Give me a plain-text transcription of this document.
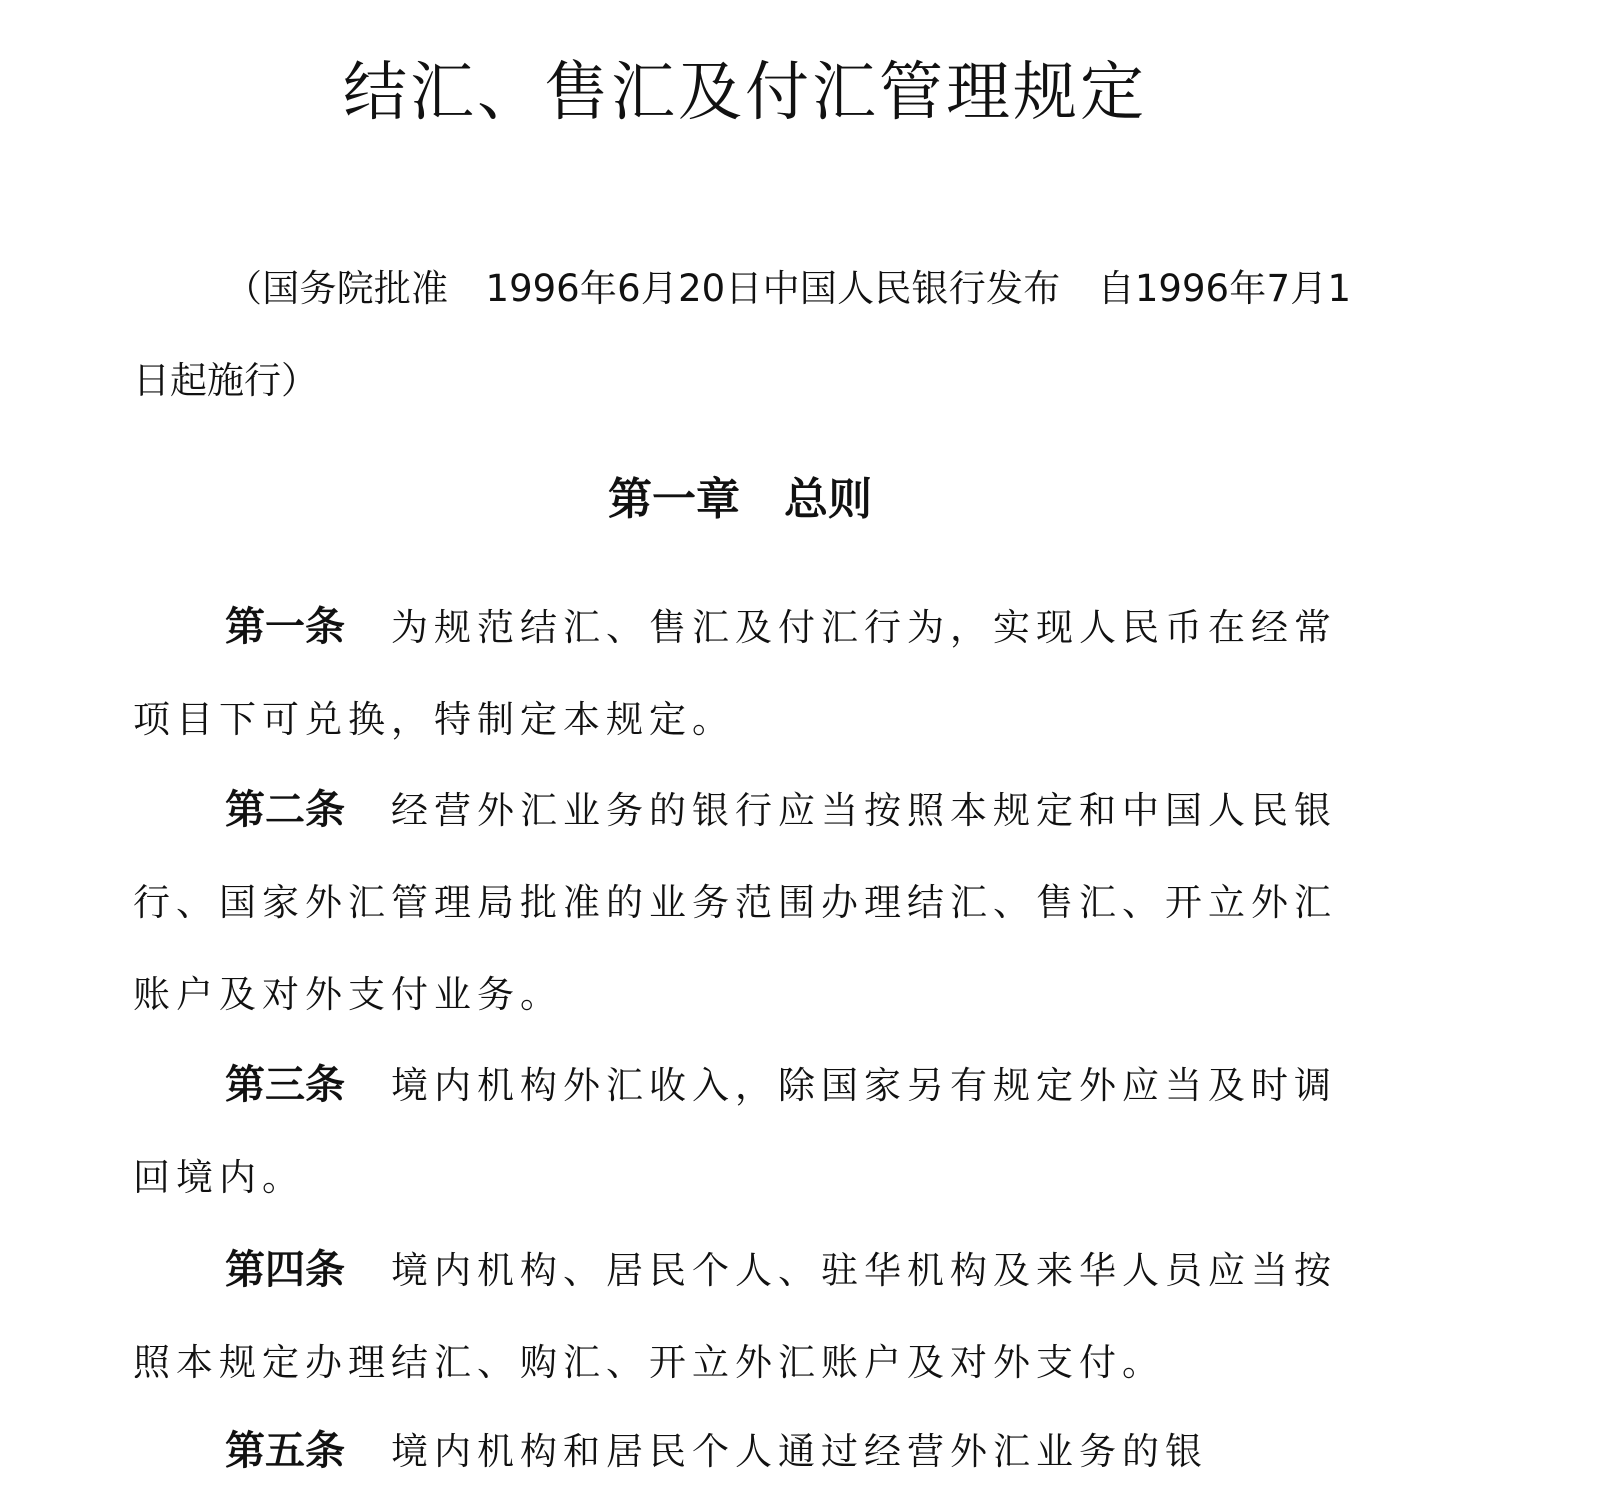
结汇、售汇及付汇管理规定
（国务院批准　1996年6月20日中国人民银行发布　自1996年7月1日起施行）
第一章 总则
第一条 为规范结汇、售汇及付汇行为，实现人民币在经常项目下可兑换，特制定本规定。
第二条 经营外汇业务的银行应当按照本规定和中国人民银行、国家外汇管理局批准的业务范围办理结汇、售汇、开立外汇账户及对外支付业务。
第三条 境内机构外汇收入，除国家另有规定外应当及时调回境内。
第四条 境内机构、居民个人、驻华机构及来华人员应当按照本规定办理结汇、购汇、开立外汇账户及对外支付。
第五条 境内机构和居民个人通过经营外汇业务的银
